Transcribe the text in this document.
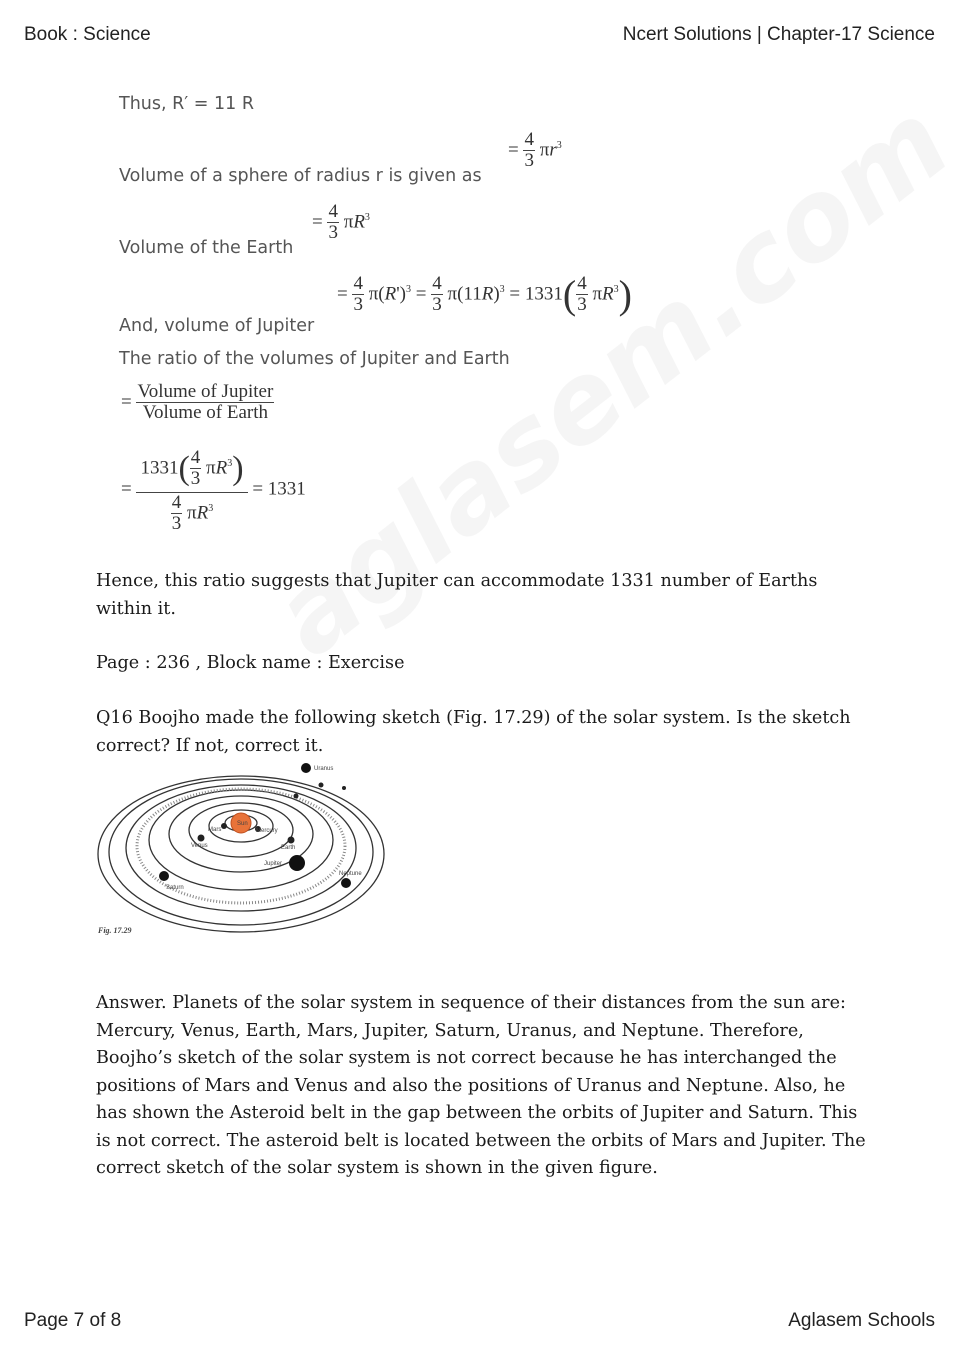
Book : Science	Ncert Solutions | Chapter-17 Science
Thus, R′ = 11 R
Volume of a sphere of radius r is given as
= $\frac{4}{3} \pi r^3$
Volume of the Earth
= $\frac{4}{3} \pi R^3$
And, volume of Jupiter
= $\frac{4}{3} \pi(R')^3 = \frac{4}{3} \pi(11R)^3 = 1331( \frac{4}{3} \pi R^3)$
The ratio of the volumes of Jupiter and Earth
= $\frac{\text{Volume of Jupiter}}{\text{Volume of Earth}}$
= $\frac{1331( \frac{4}{3} \pi R^3)}{\frac{4}{3} \pi R^3} = 1331$
Hence, this ratio suggests that Jupiter can accommodate 1331 number of Earths within it.
Page : 236 , Block name : Exercise
Q16 Boojho made the following sketch (Fig. 17.29) of the solar system. Is the sketch correct? If not, correct it.
Sun
Mars	Mercury
Venus	Earth
Jupiter
Saturn
Uranus
Neptune
Fig. 17.29
Answer. Planets of the solar system in sequence of their distances from the sun are: Mercury, Venus, Earth, Mars, Jupiter, Saturn, Uranus, and Neptune. Therefore, Boojho’s sketch of the solar system is not correct because he has interchanged the positions of Mars and Venus and also the positions of Uranus and Neptune. Also, he has shown the Asteroid belt in the gap between the orbits of Jupiter and Saturn. This is not correct. The asteroid belt is located between the orbits of Mars and Jupiter. The correct sketch of the solar system is shown in the given figure.
Page 7 of 8	Aglasem Schools
